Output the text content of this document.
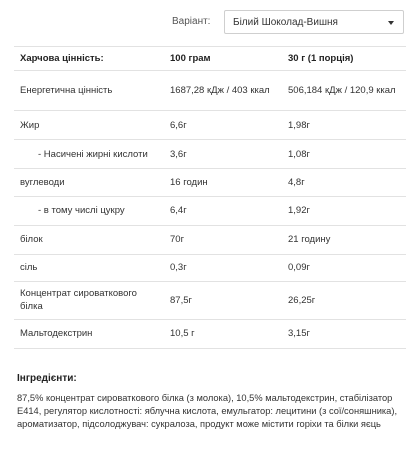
Варіант: Білий Шоколад-Вишня
Харчова цінність:	100 грам	30 г (1 порція)
Енергетична цінність	1687,28 кДж / 403 ккал	506,184 кДж / 120,9 ккал
Жир	6,6г	1,98г
- Насичені жирні кислоти	3,6г	1,08г
вуглеводи	16 годин	4,8г
- в тому числі цукру	6,4г	1,92г
білок	70г	21 годину
сіль	0,3г	0,09г
Концентрат сироваткового білка	87,5г	26,25г
Мальтодекстрин	10,5 г	3,15г
Інгредієнти:
87,5% концентрат сироваткового білка (з молока), 10,5% мальтодекстрин, стабілізатор E414, регулятор кислотності: яблучна кислота, емульгатор: лецитини (з сої/соняшника), ароматизатор, підсолоджувач: сукралоза, продукт може містити горіхи та білки яєць
